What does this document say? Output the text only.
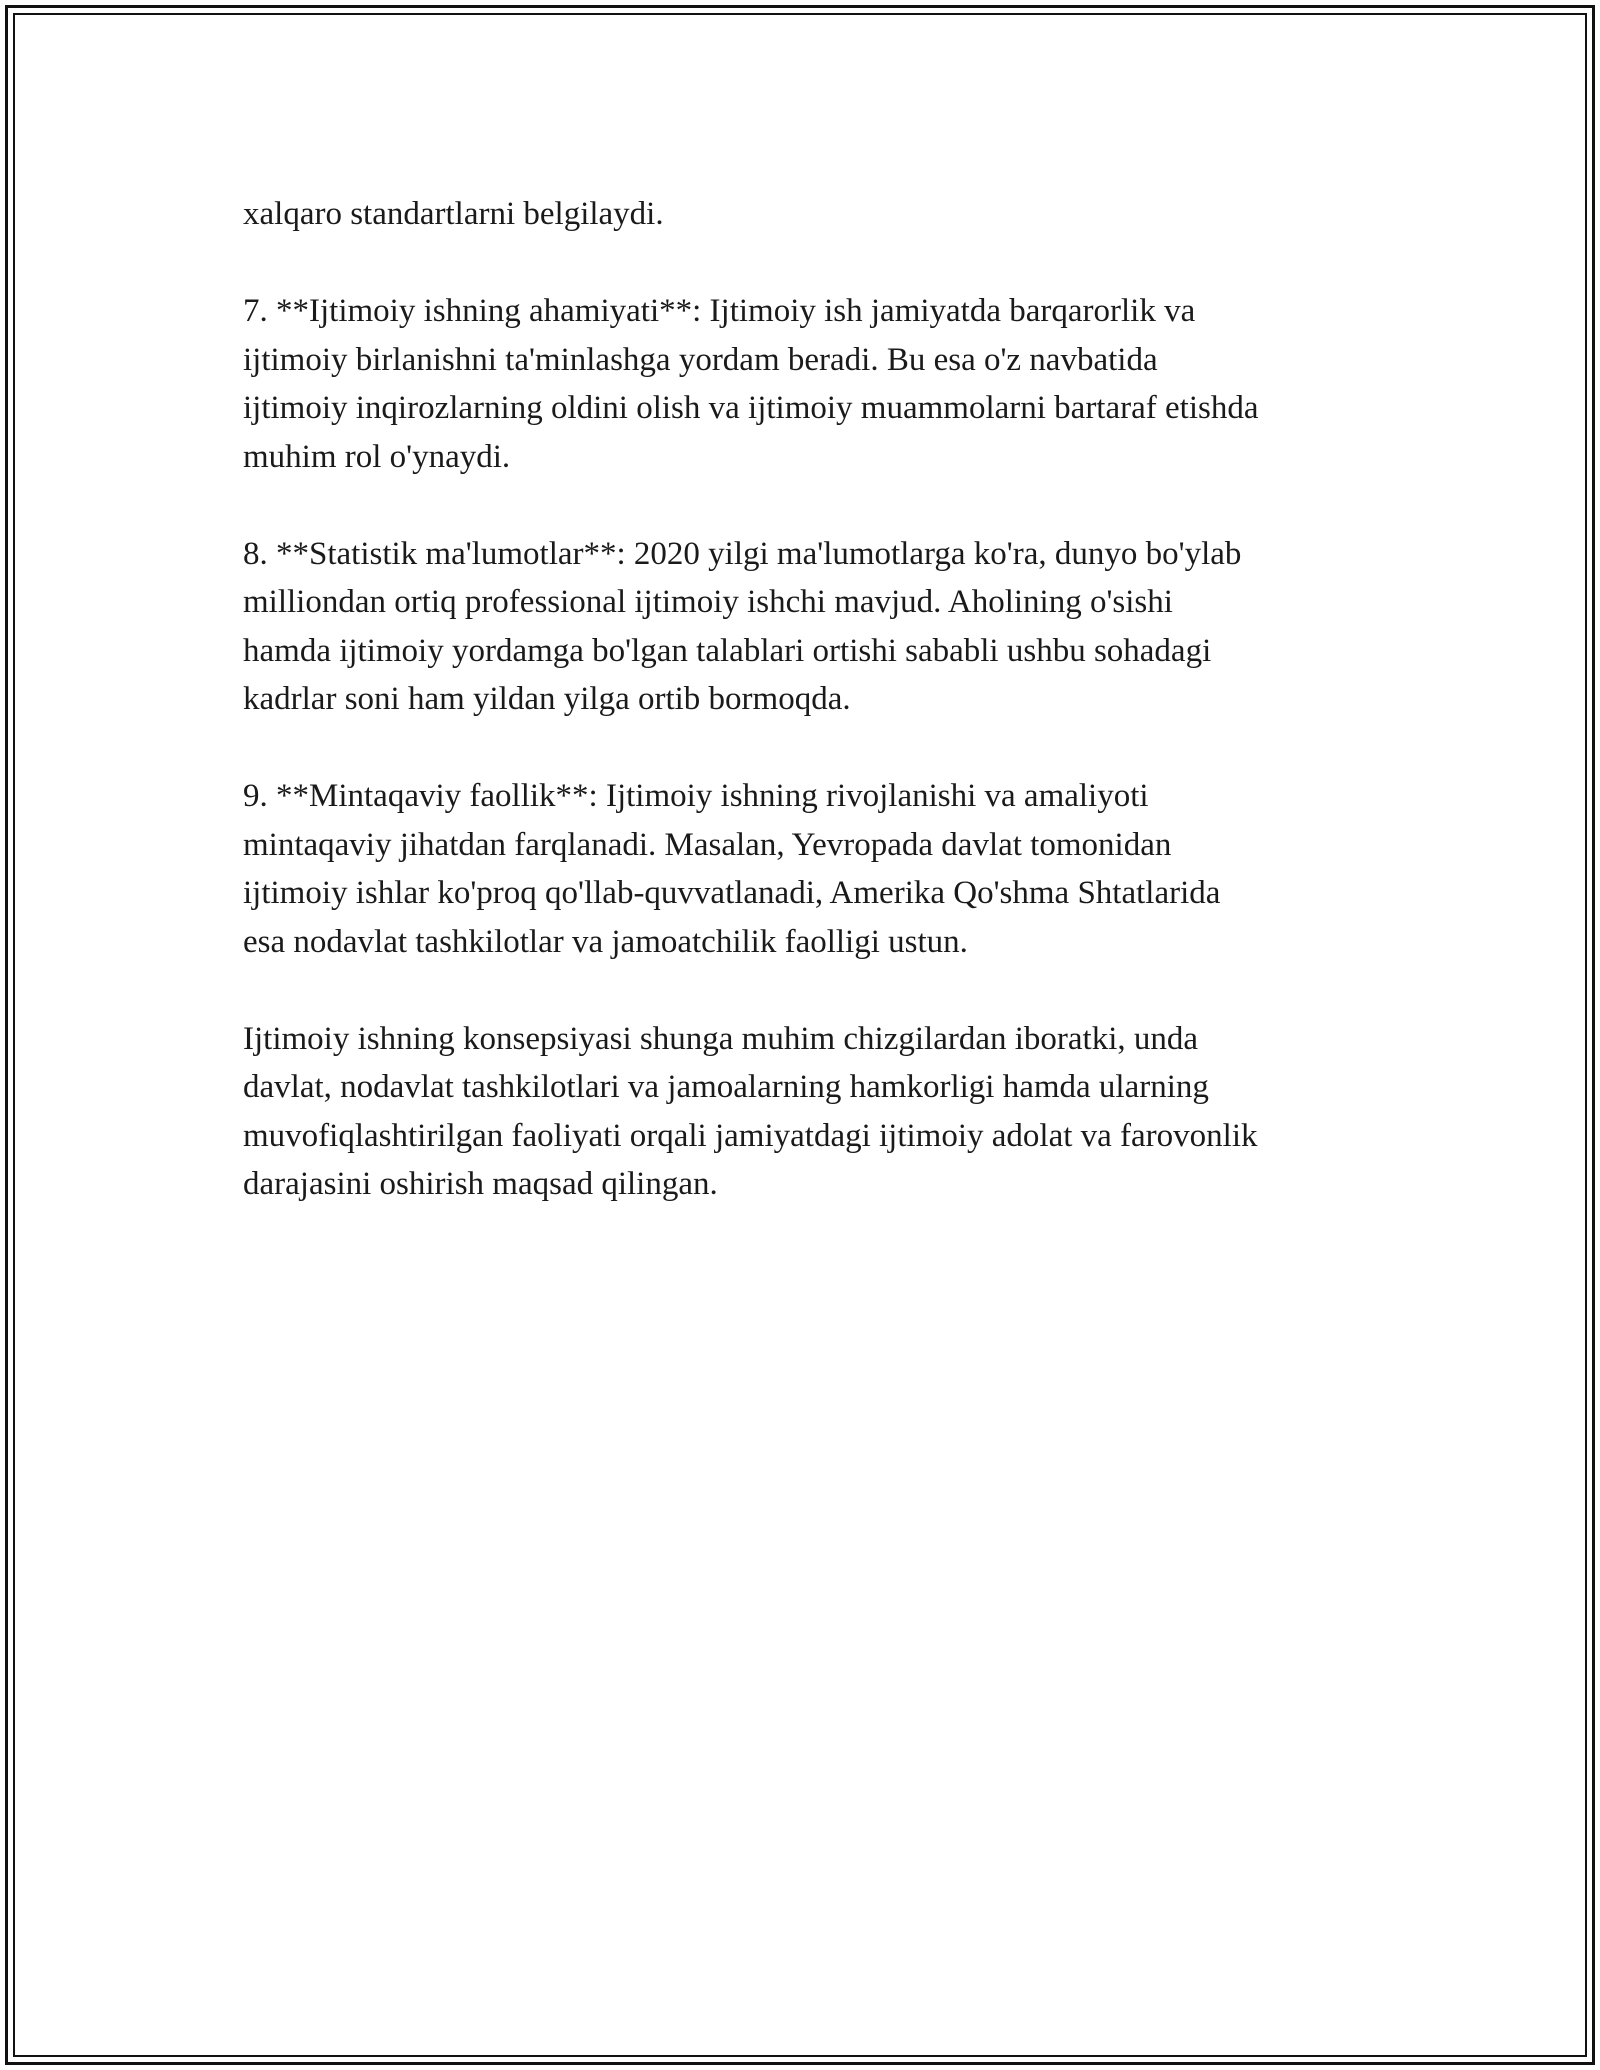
xalqaro standartlarni belgilaydi.

7. **Ijtimoiy ishning ahamiyati**: Ijtimoiy ish jamiyatda barqarorlik va
ijtimoiy birlanishni ta'minlashga yordam beradi. Bu esa o'z navbatida
ijtimoiy inqirozlarning oldini olish va ijtimoiy muammolarni bartaraf etishda
muhim rol o'ynaydi.

8. **Statistik ma'lumotlar**: 2020 yilgi ma'lumotlarga ko'ra, dunyo bo'ylab
milliondan ortiq professional ijtimoiy ishchi mavjud. Aholining o'sishi
hamda ijtimoiy yordamga bo'lgan talablari ortishi sababli ushbu sohadagi
kadrlar soni ham yildan yilga ortib bormoqda.

9. **Mintaqaviy faollik**: Ijtimoiy ishning rivojlanishi va amaliyoti
mintaqaviy jihatdan farqlanadi. Masalan, Yevropada davlat tomonidan
ijtimoiy ishlar ko'proq qo'llab-quvvatlanadi, Amerika Qo'shma Shtatlarida
esa nodavlat tashkilotlar va jamoatchilik faolligi ustun.

Ijtimoiy ishning konsepsiyasi shunga muhim chizgilardan iboratki, unda
davlat, nodavlat tashkilotlari va jamoalarning hamkorligi hamda ularning
muvofiqlashtirilgan faoliyati orqali jamiyatdagi ijtimoiy adolat va farovonlik
darajasini oshirish maqsad qilingan.
